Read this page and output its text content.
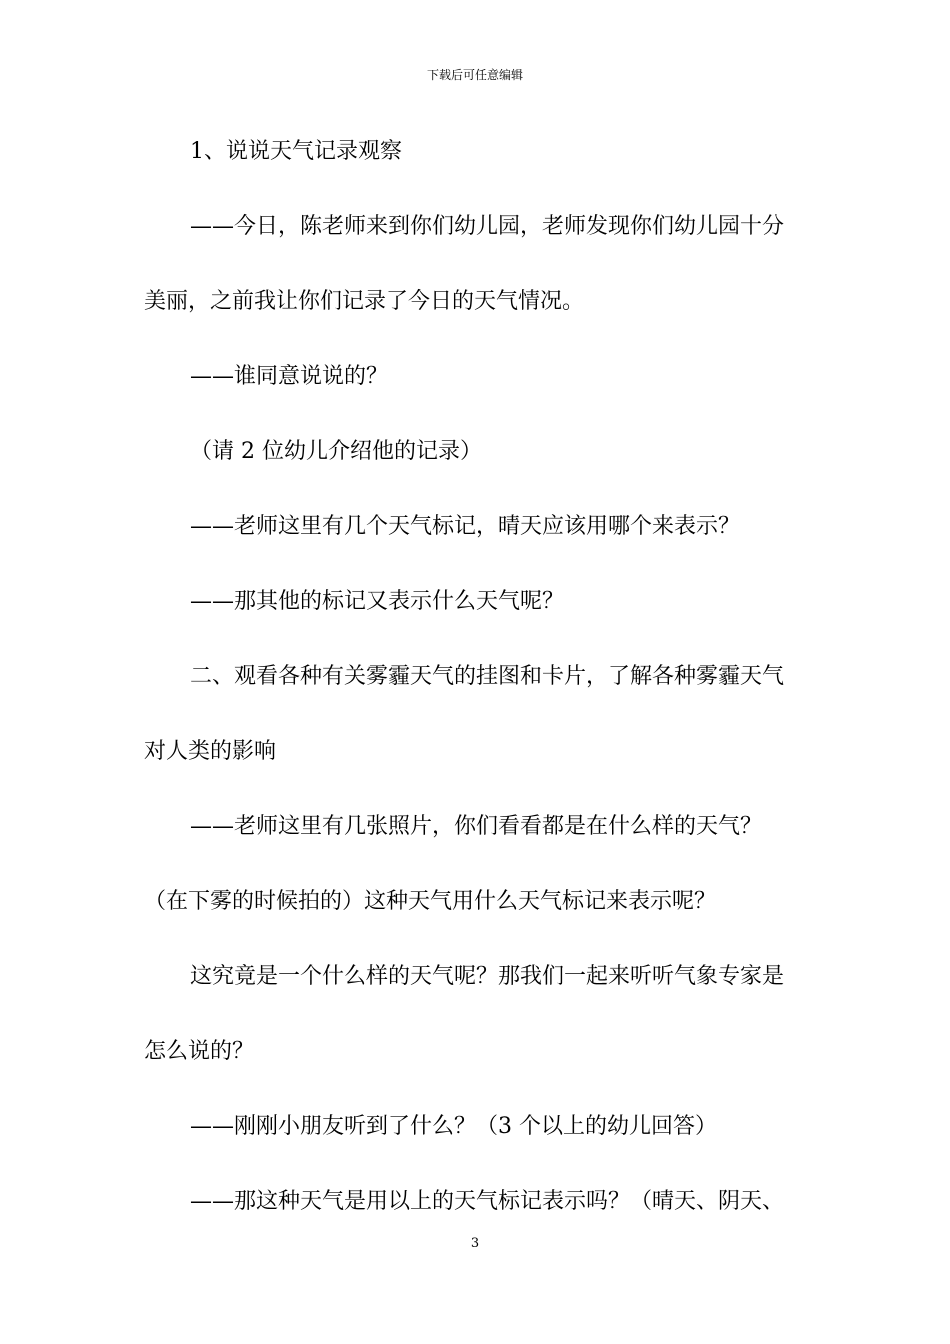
下载后可任意编辑
1、说说天气记录观察
——今日，陈老师来到你们幼儿园，老师发现你们幼儿园十分
美丽，之前我让你们记录了今日的天气情况。
——谁同意说说的？
（请 2 位幼儿介绍他的记录）
——老师这里有几个天气标记，晴天应该用哪个来表示？
——那其他的标记又表示什么天气呢？
二、观看各种有关雾霾天气的挂图和卡片，了解各种雾霾天气
对人类的影响
——老师这里有几张照片，你们看看都是在什么样的天气？
（在下雾的时候拍的）这种天气用什么天气标记来表示呢？
这究竟是一个什么样的天气呢？那我们一起来听听气象专家是
怎么说的？
——刚刚小朋友听到了什么？（3 个以上的幼儿回答）
——那这种天气是用以上的天气标记表示吗？（晴天、阴天、
3
